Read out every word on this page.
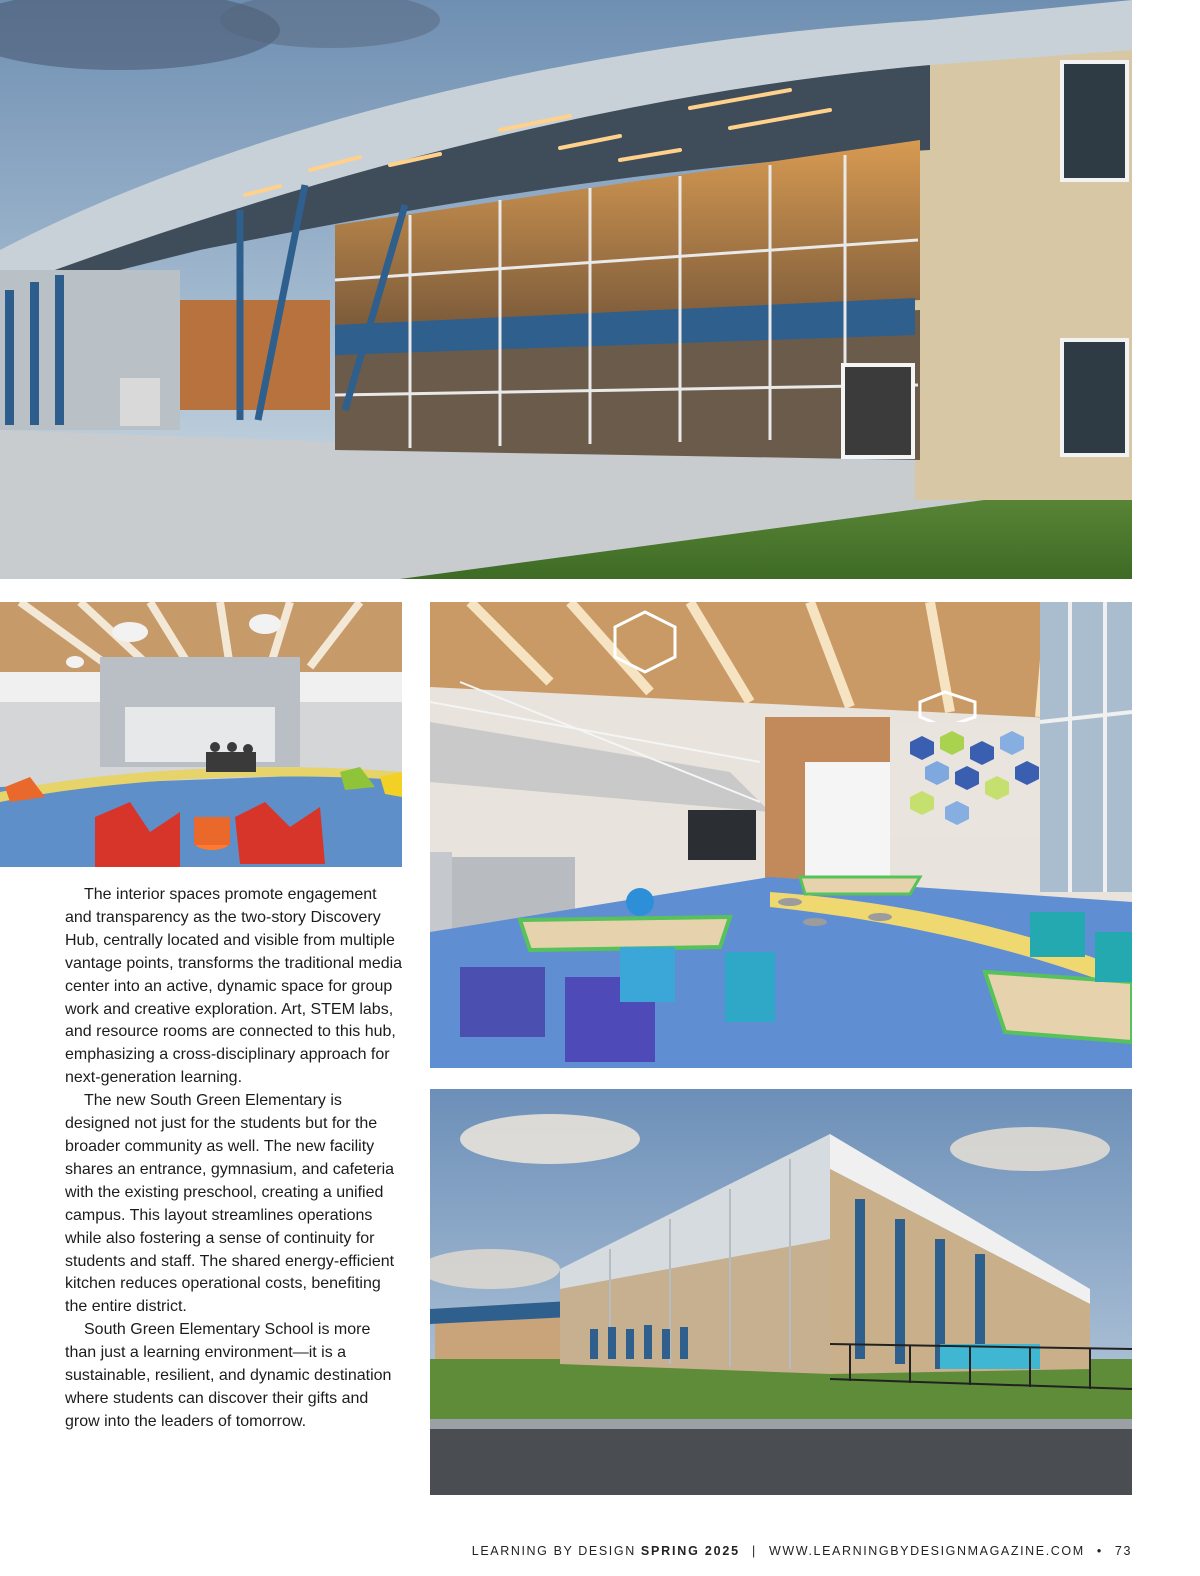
The interior spaces promote engagement and transparency as the two-story Discovery Hub, centrally located and visible from multiple vantage points, transforms the traditional media center into an active, dynamic space for group work and creative exploration. Art, STEM labs, and resource rooms are connected to this hub, emphasizing a cross-disciplinary approach for next-generation learning.

The new South Green Elementary is designed not just for the students but for the broader community as well. The new facility shares an entrance, gymnasium, and cafeteria with the existing preschool, creating a unified campus. This layout streamlines operations while also fostering a sense of continuity for students and staff. The shared energy-efficient kitchen reduces operational costs, benefiting the entire district.

South Green Elementary School is more than just a learning environment—it is a sustainable, resilient, and dynamic destination where students can discover their gifts and grow into the leaders of tomorrow.

LEARNING BY DESIGN SPRING 2025 | WWW.LEARNINGBYDESIGNMAGAZINE.COM • 73
